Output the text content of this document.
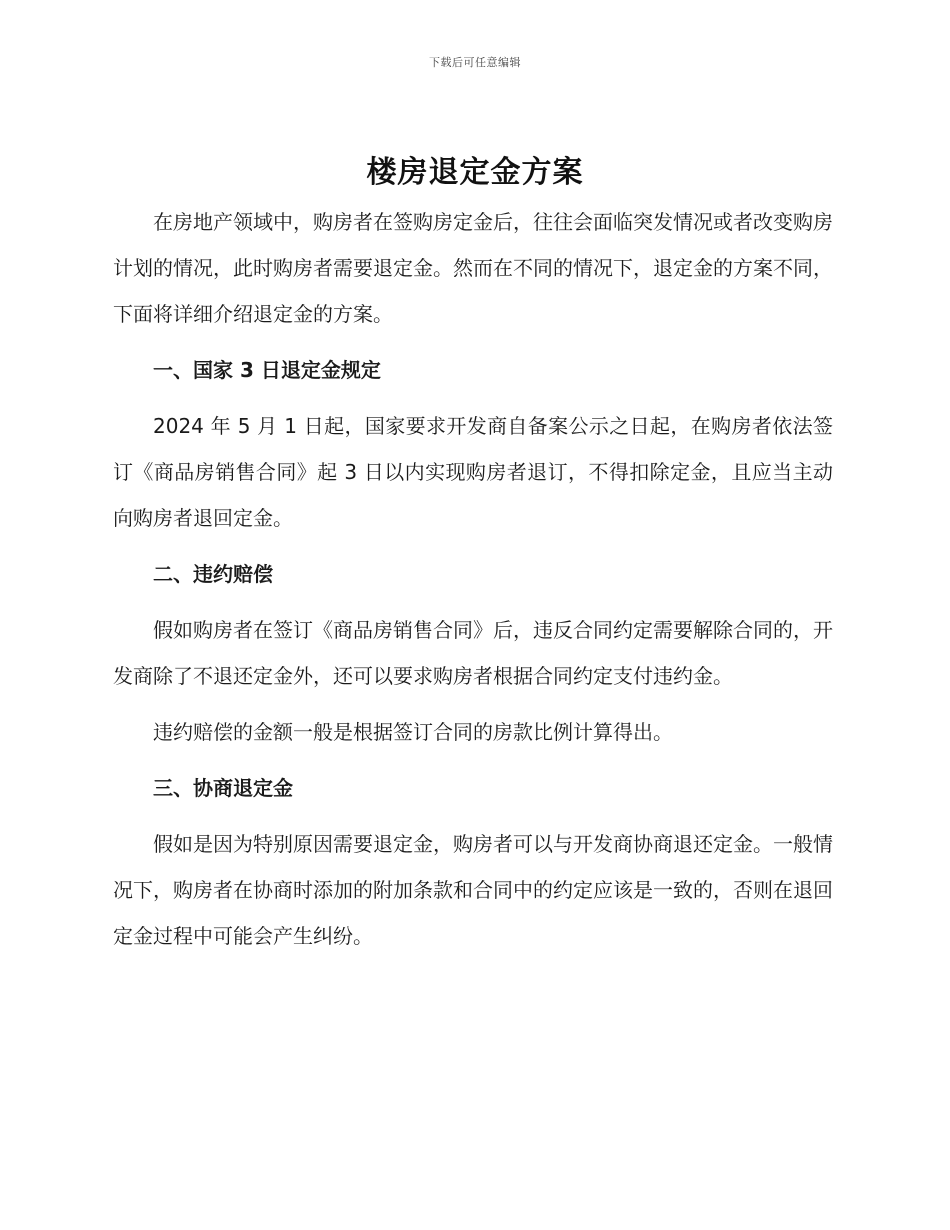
下载后可任意编辑
楼房退定金方案

在房地产领域中，购房者在签购房定金后，往往会面临突发情况或者改变购房计划的情况，此时购房者需要退定金。然而在不同的情况下，退定金的方案不同，下面将详细介绍退定金的方案。

一、国家 3 日退定金规定

2024 年 5 月 1 日起，国家要求开发商自备案公示之日起，在购房者依法签订《商品房销售合同》起 3 日以内实现购房者退订，不得扣除定金，且应当主动向购房者退回定金。

二、违约赔偿

假如购房者在签订《商品房销售合同》后，违反合同约定需要解除合同的，开发商除了不退还定金外，还可以要求购房者根据合同约定支付违约金。

违约赔偿的金额一般是根据签订合同的房款比例计算得出。

三、协商退定金

假如是因为特别原因需要退定金，购房者可以与开发商协商退还定金。一般情况下，购房者在协商时添加的附加条款和合同中的约定应该是一致的，否则在退回定金过程中可能会产生纠纷。
